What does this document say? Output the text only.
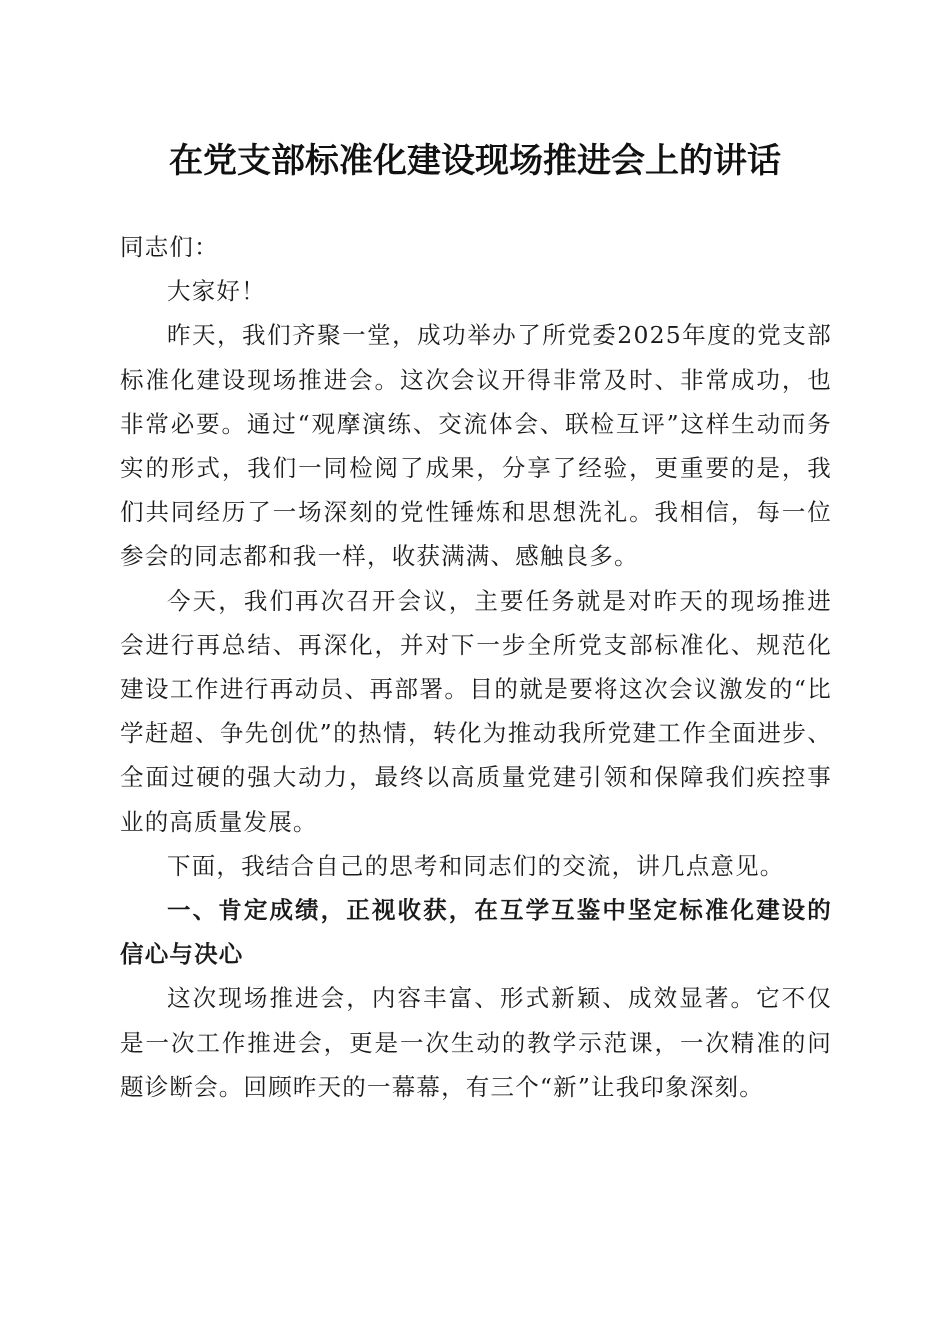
在党支部标准化建设现场推进会上的讲话

同志们：

大家好！

昨天，我们齐聚一堂，成功举办了所党委2025年度的党支部标准化建设现场推进会。这次会议开得非常及时、非常成功，也非常必要。通过“观摩演练、交流体会、联检互评”这样生动而务实的形式，我们一同检阅了成果，分享了经验，更重要的是，我们共同经历了一场深刻的党性锤炼和思想洗礼。我相信，每一位参会的同志都和我一样，收获满满、感触良多。

今天，我们再次召开会议，主要任务就是对昨天的现场推进会进行再总结、再深化，并对下一步全所党支部标准化、规范化建设工作进行再动员、再部署。目的就是要将这次会议激发的“比学赶超、争先创优”的热情，转化为推动我所党建工作全面进步、全面过硬的强大动力，最终以高质量党建引领和保障我们疾控事业的高质量发展。

下面，我结合自己的思考和同志们的交流，讲几点意见。

一、肯定成绩，正视收获，在互学互鉴中坚定标准化建设的信心与决心

这次现场推进会，内容丰富、形式新颖、成效显著。它不仅是一次工作推进会，更是一次生动的教学示范课，一次精准的问题诊断会。回顾昨天的一幕幕，有三个“新”让我印象深刻。
